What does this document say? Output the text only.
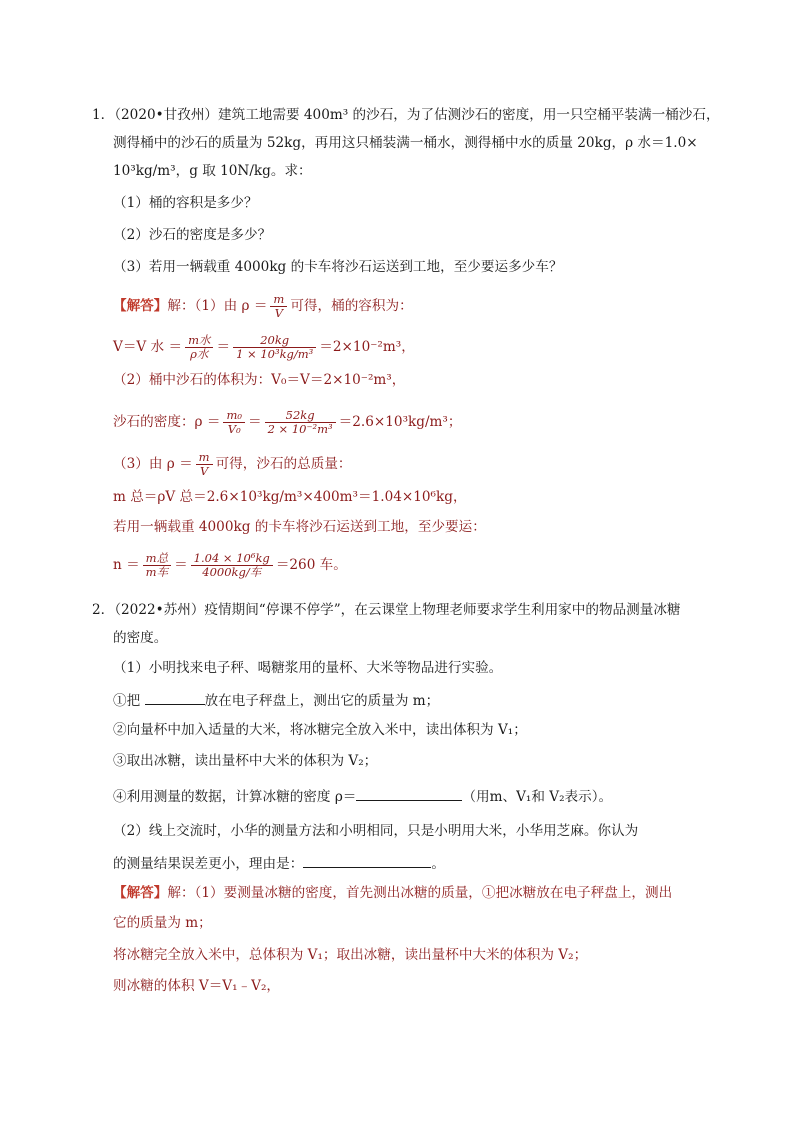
1．（2020•甘孜州）建筑工地需要 400m³ 的沙石，为了估测沙石的密度，用一只空桶平装满一桶沙石，
测得桶中的沙石的质量为 52kg，再用这只桶装满一桶水，测得桶中水的质量 20kg，ρ 水＝1.0×
10³kg/m³，g 取 10N/kg。求：
（1）桶的容积是多少？
（2）沙石的密度是多少？
（3）若用一辆载重 4000kg 的卡车将沙石运送到工地，至少要运多少车？
【解答】解：（1）由 $\rho = \frac{m}{V}$ 可得，桶的容积为：
V＝V 水 ＝ $\frac{\text{m水}}{\text{ρ水}} = \frac{20kg}{\text{1 × 10³kg/m³}} =2\times 10^{-2}m^3$，
（2）桶中沙石的体积为：V₀＝V＝2×10⁻²m³，
沙石的密度：$\rho = \frac{\text{m₀}}{\text{V₀}} = \frac{52kg}{\text{2 × 10⁻²m³}} =2.6\times 10^3kg/m^3$；
（3）由 $\rho = \frac{m}{V}$ 可得，沙石的总质量：
m 总＝ρV 总＝2.6×10³kg/m³×400m³＝1.04×10⁶kg，
若用一辆载重 4000kg 的卡车将沙石运送到工地，至少要运：
$n = \frac{\text{m总}}{\text{m车}} = \frac{\text{1.04 × 10⁶kg}}{\text{4000kg/车}} =260$ 车。
2．（2022•苏州）疫情期间“停课不停学”，在云课堂上物理老师要求学生利用家中的物品测量冰糖
的密度。
（1）小明找来电子秤、喝糖浆用的量杯、大米等物品进行实验。
①把	放在电子秤盘上，测出它的质量为 m；
②向量杯中加入适量的大米，将冰糖完全放入米中，读出体积为 V₁；
③取出冰糖，读出量杯中大米的体积为 V₂；
④利用测量的数据，计算冰糖的密度 ρ＝	（用m、V₁和 V₂表示）。
（2）线上交流时，小华的测量方法和小明相同，只是小明用大米，小华用芝麻。你认为
的测量结果误差更小，理由是：	。
【解答】解：（1）要测量冰糖的密度，首先测出冰糖的质量，①把冰糖放在电子秤盘上，测出
它的质量为 m；
将冰糖完全放入米中，总体积为 V₁；取出冰糖，读出量杯中大米的体积为 V₂；
则冰糖的体积 V＝V₁﹣V₂，
